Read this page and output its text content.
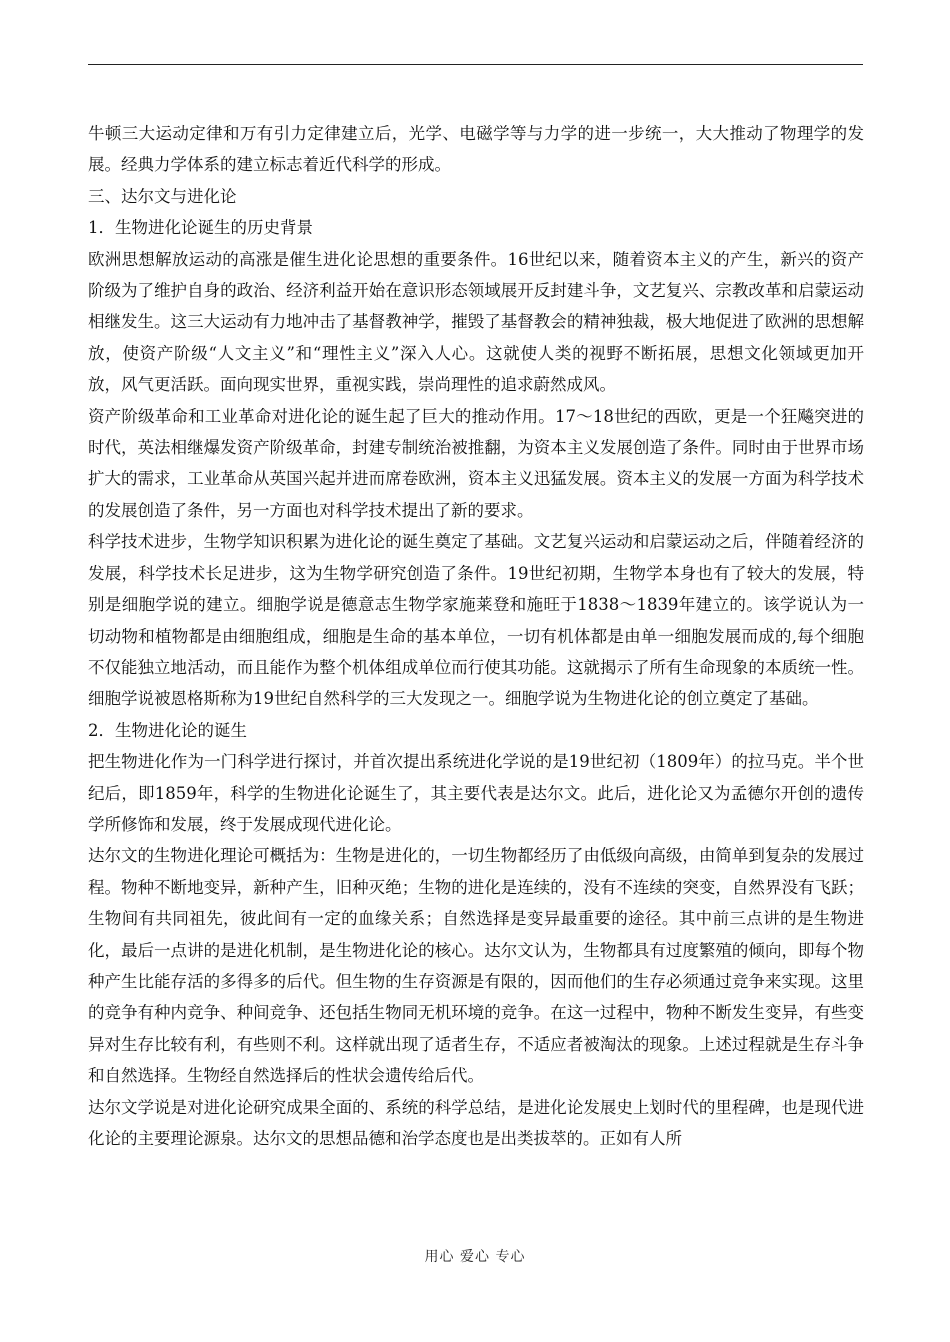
牛顿三大运动定律和万有引力定律建立后，光学、电磁学等与力学的进一步统一，大大推动了物理学的发展。经典力学体系的建立标志着近代科学的形成。

三、达尔文与进化论

1．生物进化论诞生的历史背景

欧洲思想解放运动的高涨是催生进化论思想的重要条件。16世纪以来，随着资本主义的产生，新兴的资产阶级为了维护自身的政治、经济利益开始在意识形态领域展开反封建斗争，文艺复兴、宗教改革和启蒙运动相继发生。这三大运动有力地冲击了基督教神学，摧毁了基督教会的精神独裁，极大地促进了欧洲的思想解放，使资产阶级“人文主义”和“理性主义”深入人心。这就使人类的视野不断拓展，思想文化领域更加开放，风气更活跃。面向现实世界，重视实践，崇尚理性的追求蔚然成风。

资产阶级革命和工业革命对进化论的诞生起了巨大的推动作用。17～18世纪的西欧，更是一个狂飚突进的时代，英法相继爆发资产阶级革命，封建专制统治被推翻，为资本主义发展创造了条件。同时由于世界市场扩大的需求，工业革命从英国兴起并进而席卷欧洲，资本主义迅猛发展。资本主义的发展一方面为科学技术的发展创造了条件，另一方面也对科学技术提出了新的要求。

科学技术进步，生物学知识积累为进化论的诞生奠定了基础。文艺复兴运动和启蒙运动之后，伴随着经济的发展，科学技术长足进步，这为生物学研究创造了条件。19世纪初期，生物学本身也有了较大的发展，特别是细胞学说的建立。细胞学说是德意志生物学家施莱登和施旺于1838～1839年建立的。该学说认为一切动物和植物都是由细胞组成，细胞是生命的基本单位，一切有机体都是由单一细胞发展而成的,每个细胞不仅能独立地活动，而且能作为整个机体组成单位而行使其功能。这就揭示了所有生命现象的本质统一性。细胞学说被恩格斯称为19世纪自然科学的三大发现之一。细胞学说为生物进化论的创立奠定了基础。

2．生物进化论的诞生

把生物进化作为一门科学进行探讨，并首次提出系统进化学说的是19世纪初（1809年）的拉马克。半个世纪后，即1859年，科学的生物进化论诞生了，其主要代表是达尔文。此后，进化论又为孟德尔开创的遗传学所修饰和发展，终于发展成现代进化论。

达尔文的生物进化理论可概括为：生物是进化的，一切生物都经历了由低级向高级，由简单到复杂的发展过程。物种不断地变异，新种产生，旧种灭绝；生物的进化是连续的，没有不连续的突变，自然界没有飞跃；生物间有共同祖先，彼此间有一定的血缘关系；自然选择是变异最重要的途径。其中前三点讲的是生物进化，最后一点讲的是进化机制，是生物进化论的核心。达尔文认为，生物都具有过度繁殖的倾向，即每个物种产生比能存活的多得多的后代。但生物的生存资源是有限的，因而他们的生存必须通过竞争来实现。这里的竞争有种内竞争、种间竞争、还包括生物同无机环境的竞争。在这一过程中，物种不断发生变异，有些变异对生存比较有利，有些则不利。这样就出现了适者生存，不适应者被淘汰的现象。上述过程就是生存斗争和自然选择。生物经自然选择后的性状会遗传给后代。

达尔文学说是对进化论研究成果全面的、系统的科学总结，是进化论发展史上划时代的里程碑，也是现代进化论的主要理论源泉。达尔文的思想品德和治学态度也是出类拔萃的。正如有人所

用心 爱心 专心
